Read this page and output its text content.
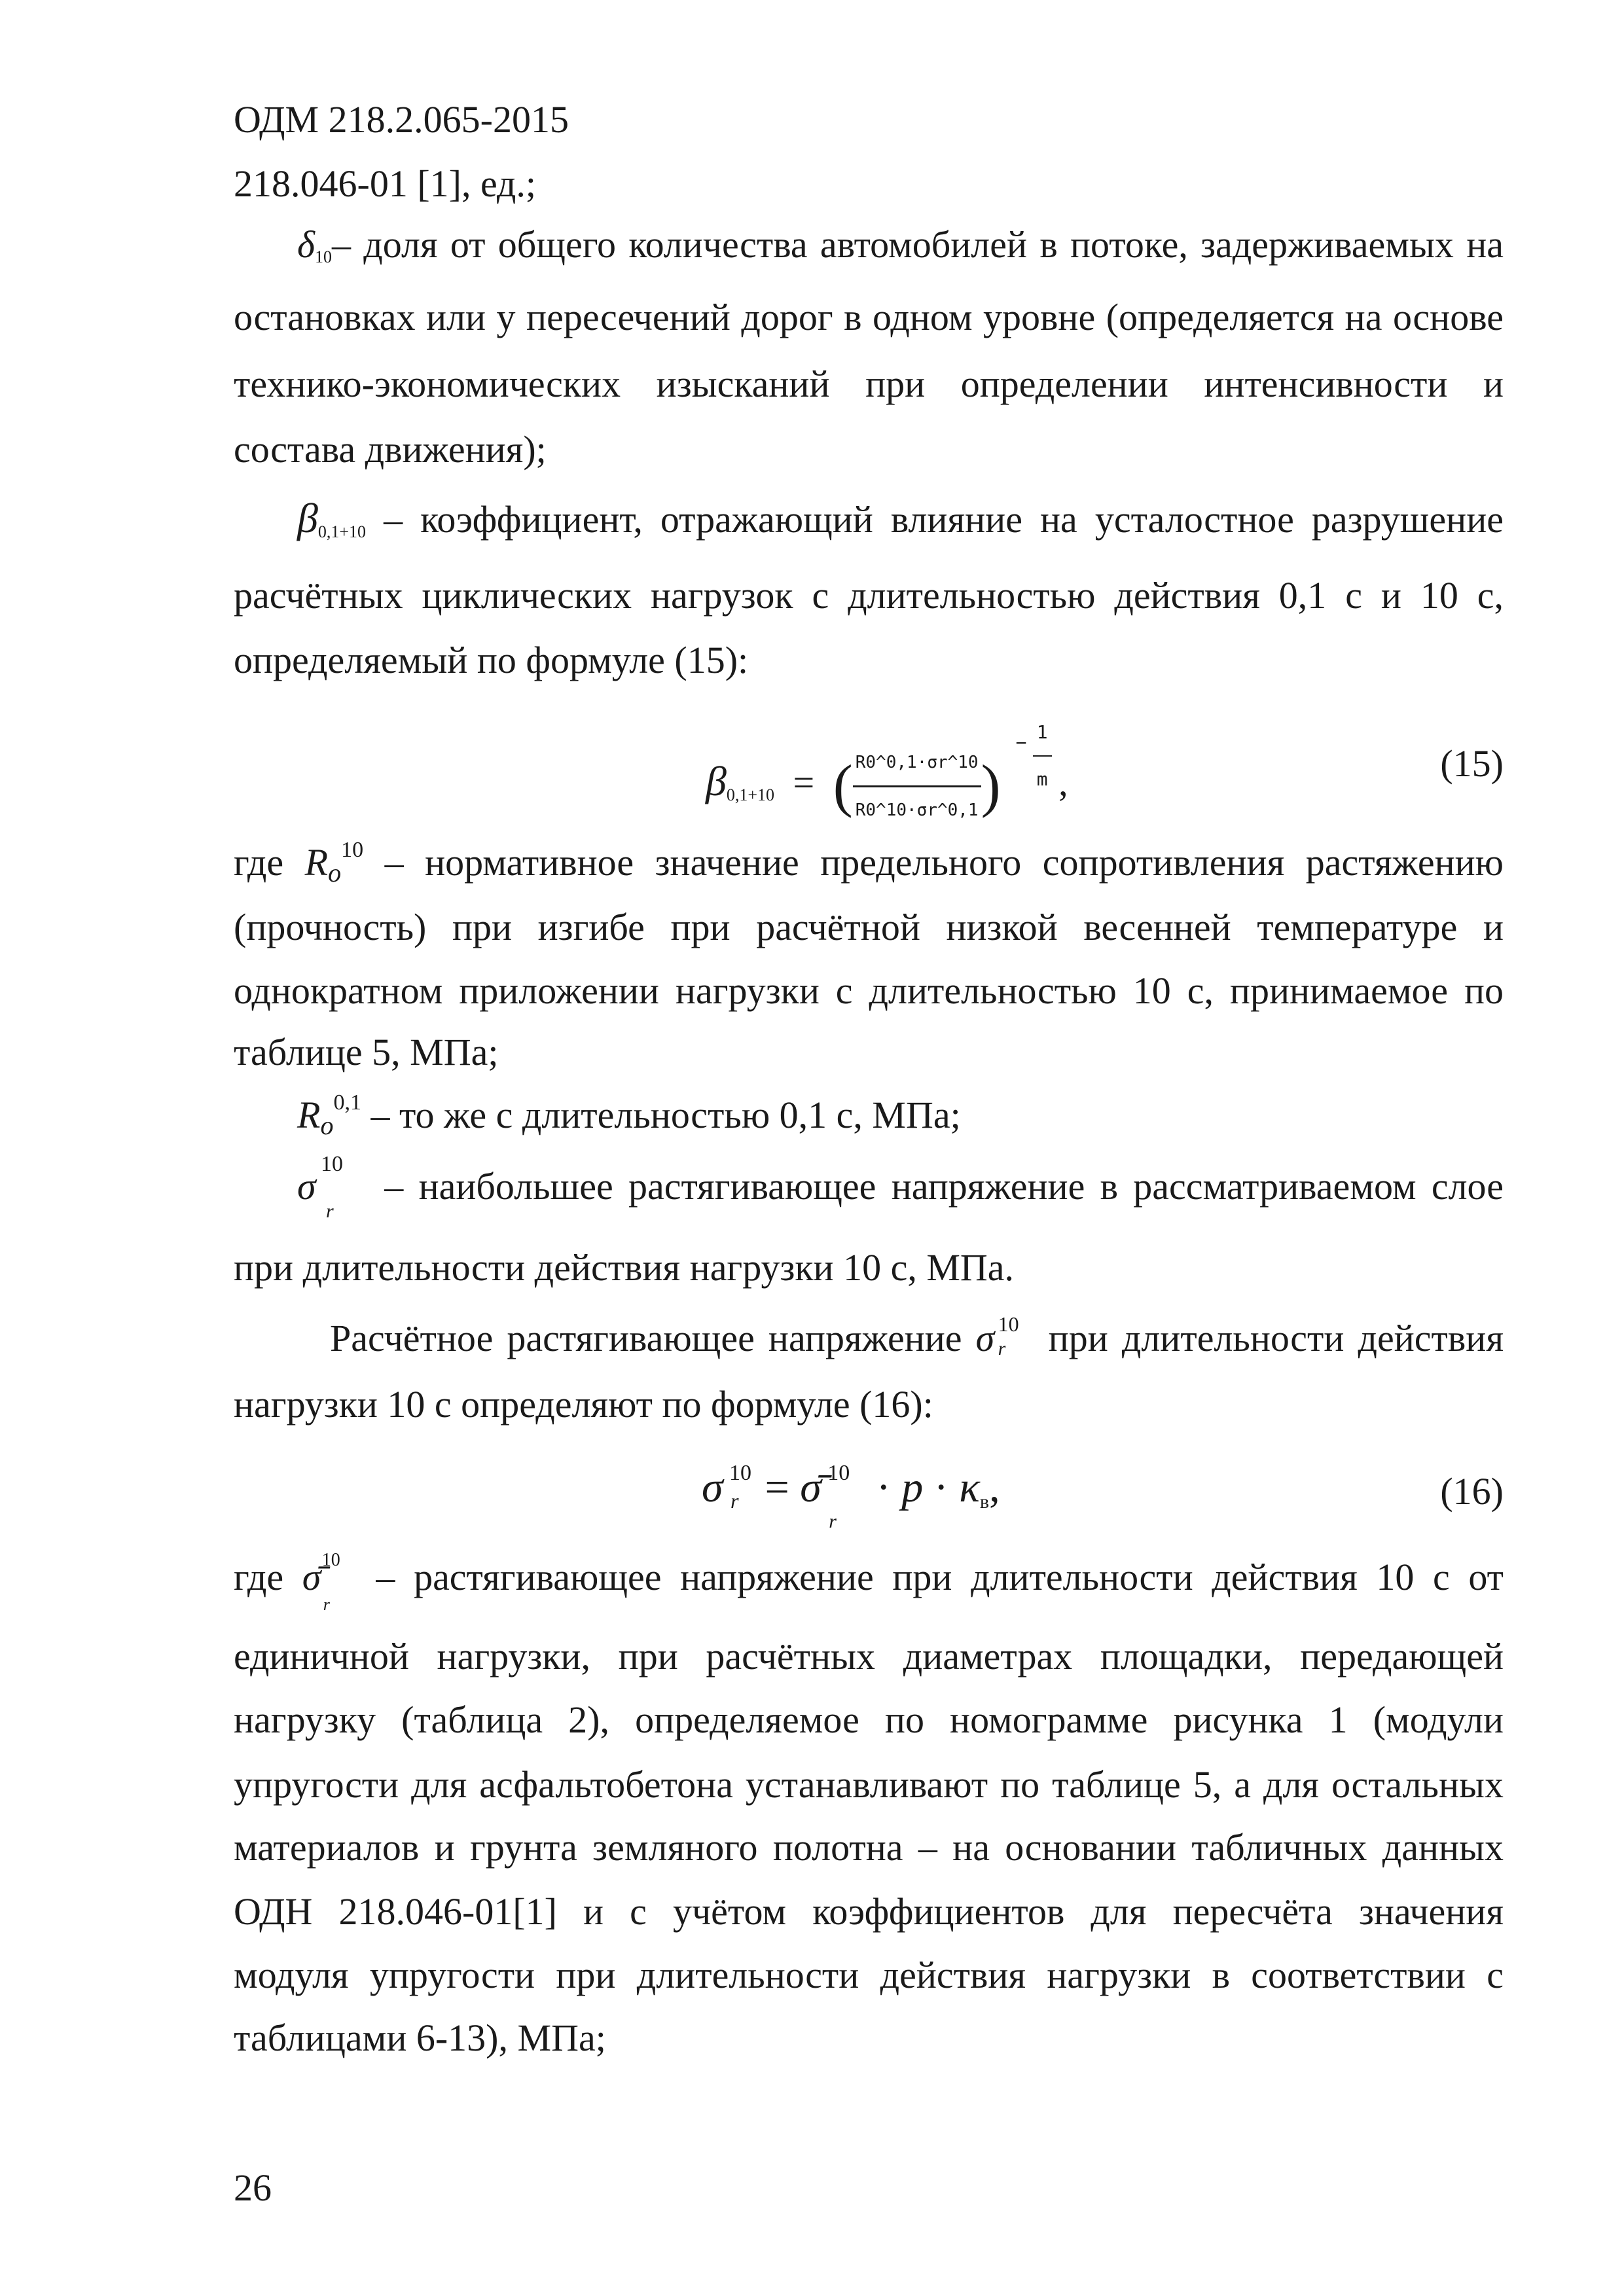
ОДМ 218.2.065-2015
218.046-01 [1], ед.;
$\delta_{10}-$ доля от общего количества автомобилей в потоке, задерживаемых на
остановках или у пересечений дорог в одном уровне (определяется на основе
технико-экономических изысканий при определении интенсивности и
состава движения);
$\beta_{0,1+10}$ – коэффициент, отражающий влияние на усталостное разрушение
расчётных циклических нагрузок с длительностью действия 0,1 с и 10 с,
определяемый по формуле (15):
$\beta_{0,1+10}$ = ( $\frac{R0\^{}0,1\cdot\sigma r\^{}10}{R0\^{}10\cdot\sigma r\^{}0,1}$ )
− 1
m ,	(15)
где Ro$^{10}$ – нормативное значение предельного сопротивления растяжению
(прочность) при изгибе при расчётной низкой весенней температуре и
однократном приложении нагрузки с длительностью 10 с, принимаемое по
таблице 5, МПа;
Ro$^{0,1}$ – то же с длительностью 0,1 с, МПа;
σ
10
r
– наибольшее растягивающее напряжение в рассматриваемом слое
при длительности действия нагрузки 10 с, МПа.
Расчётное растягивающее напряжение σ 10
r при длительности действия
нагрузки 10 с определяют по формуле (16):
σ 10
r = σ̄ 10
r
· $p \cdot \kappa_в$,	(16)
где σ̄ 10
r
– растягивающее напряжение при длительности действия 10 с от
единичной нагрузки, при расчётных диаметрах площадки, передающей
нагрузку (таблица 2), определяемое по номограмме рисунка 1 (модули
упругости для асфальтобетона устанавливают по таблице 5, а для остальных
материалов и грунта земляного полотна – на основании табличных данных
ОДН 218.046-01[1] и с учётом коэффициентов для пересчёта значения
модуля упругости при длительности действия нагрузки в соответствии с
таблицами 6-13), МПа;
26
